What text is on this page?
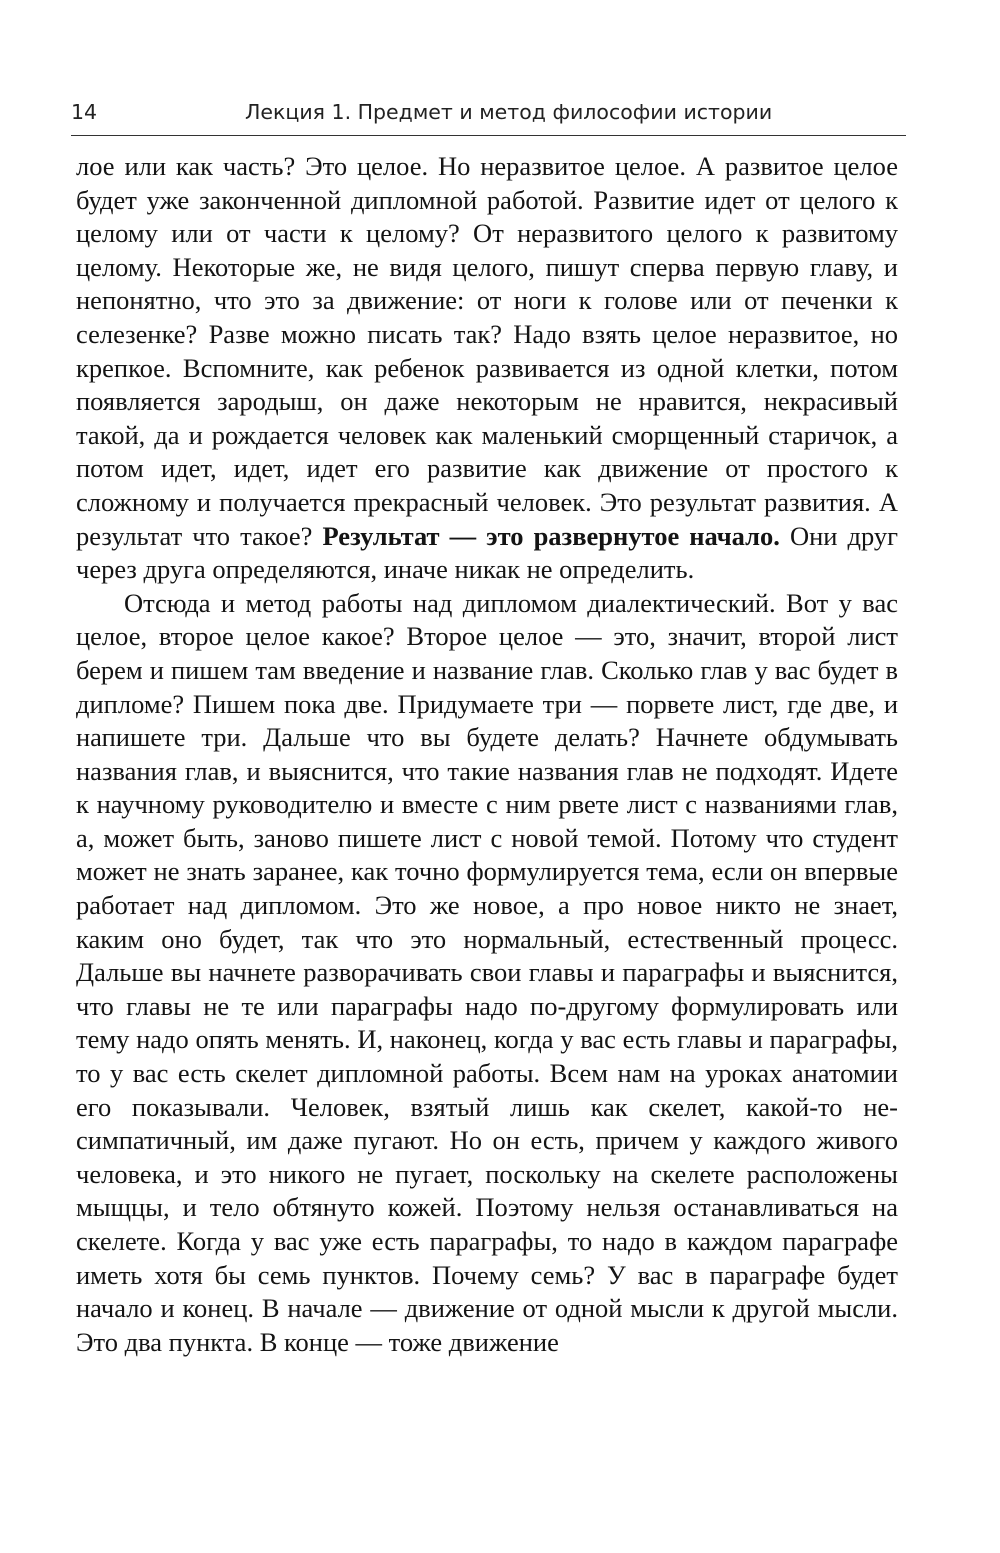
14	Лекция 1. Предмет и метод философии истории

лое или как часть? Это целое. Но неразвитое целое. А развитое целое будет уже законченной дипломной работой. Развитие идет от целого к целому или от части к целому? От неразвитого целого к развитому целому. Некоторые же, не видя целого, пишут сперва первую главу, и непонятно, что это за движение: от ноги к голове или от печенки к селезенке? Разве можно писать так? Надо взять целое неразвитое, но крепкое. Вспомните, как ребенок развивается из одной клетки, потом появляется зародыш, он даже некоторым не нравится, некрасивый такой, да и рождается человек как маленький сморщенный старичок, а потом идет, идет, идет его развитие как движение от простого к сложному и получается прекрасный человек. Это результат развития. А результат что такое? Результат — это развернутое начало. Они друг через друга определяются, иначе никак не определить.

Отсюда и метод работы над дипломом диалектический. Вот у вас целое, второе целое какое? Второе целое — это, значит, второй лист берем и пишем там введение и название глав. Сколько глав у вас будет в дипломе? Пишем пока две. Придумаете три — порвете лист, где две, и напишете три. Дальше что вы будете делать? Начнете обдумывать названия глав, и выяснится, что такие названия глав не подходят. Идете к научному руководителю и вместе с ним рвете лист с названиями глав, а, может быть, заново пишете лист с новой темой. Потому что студент может не знать заранее, как точно формулируется тема, если он впервые работает над дипломом. Это же новое, а про новое никто не знает, каким оно будет, так что это нормальный, естественный процесс. Дальше вы начнете разворачивать свои главы и параграфы и выяснится, что главы не те или параграфы надо по-другому формулировать или тему надо опять менять. И, наконец, когда у вас есть главы и параграфы, то у вас есть скелет дипломной работы. Всем нам на уроках анатомии его показывали. Человек, взятый лишь как скелет, какой-то несимпатичный, им даже пугают. Но он есть, причем у каждого живого человека, и это никого не пугает, поскольку на скелете расположены мыщцы, и тело обтянуто кожей. Поэтому нельзя останавливаться на скелете. Когда у вас уже есть параграфы, то надо в каждом параграфе иметь хотя бы семь пунктов. Почему семь? У вас в параграфе будет начало и конец. В начале — движение от одной мысли к другой мысли. Это два пункта. В конце — тоже движение
